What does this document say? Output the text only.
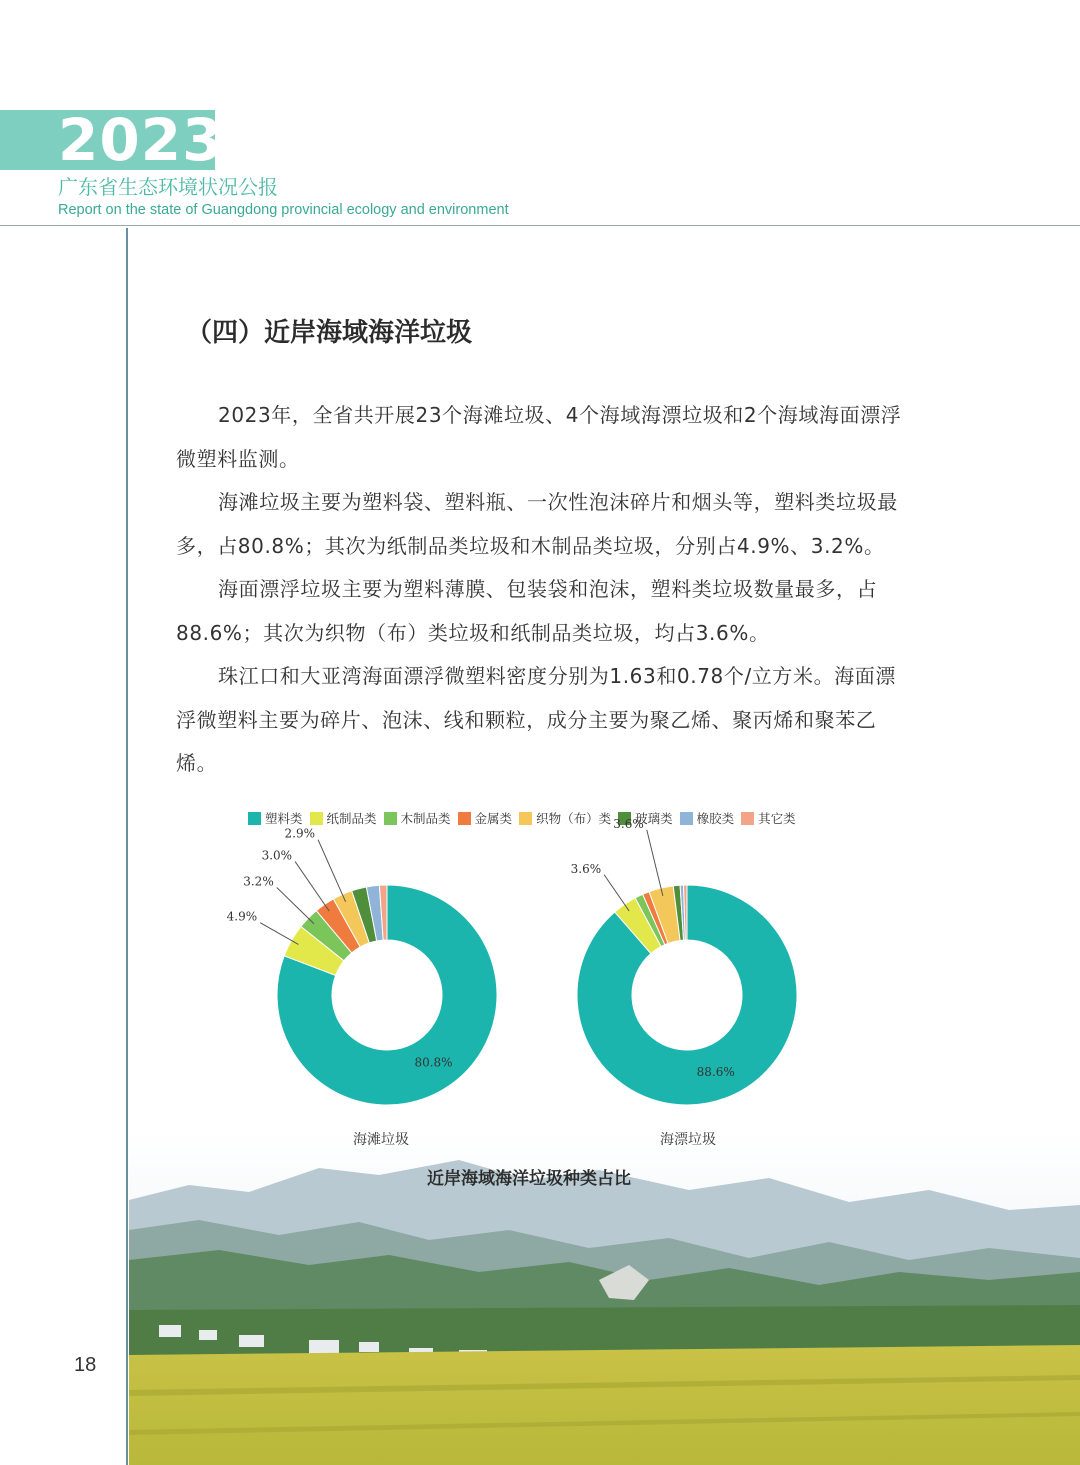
2023
广东省生态环境状况公报
Report on the state of Guangdong provincial ecology and environment
（四）近岸海域海洋垃圾

2023年，全省共开展23个海滩垃圾、4个海域海漂垃圾和2个海域海面漂浮微塑料监测。

海滩垃圾主要为塑料袋、塑料瓶、一次性泡沫碎片和烟头等，塑料类垃圾最多，占80.8%；其次为纸制品类垃圾和木制品类垃圾，分别占4.9%、3.2%。

海面漂浮垃圾主要为塑料薄膜、包装袋和泡沫，塑料类垃圾数量最多，占88.6%；其次为织物（布）类垃圾和纸制品类垃圾，均占3.6%。

珠江口和大亚湾海面漂浮微塑料密度分别为1.63和0.78个/立方米。海面漂浮微塑料主要为碎片、泡沫、线和颗粒，成分主要为聚乙烯、聚丙烯和聚苯乙烯。

塑料类 纸制品类 木制品类 金属类 织物（布）类 玻璃类 橡胶类 其它类
80.8%
4.9%
3.2%
3.0%
2.9%
88.6%
3.6%
3.6%
海滩垃圾	海漂垃圾
近岸海域海洋垃圾种类占比
18
